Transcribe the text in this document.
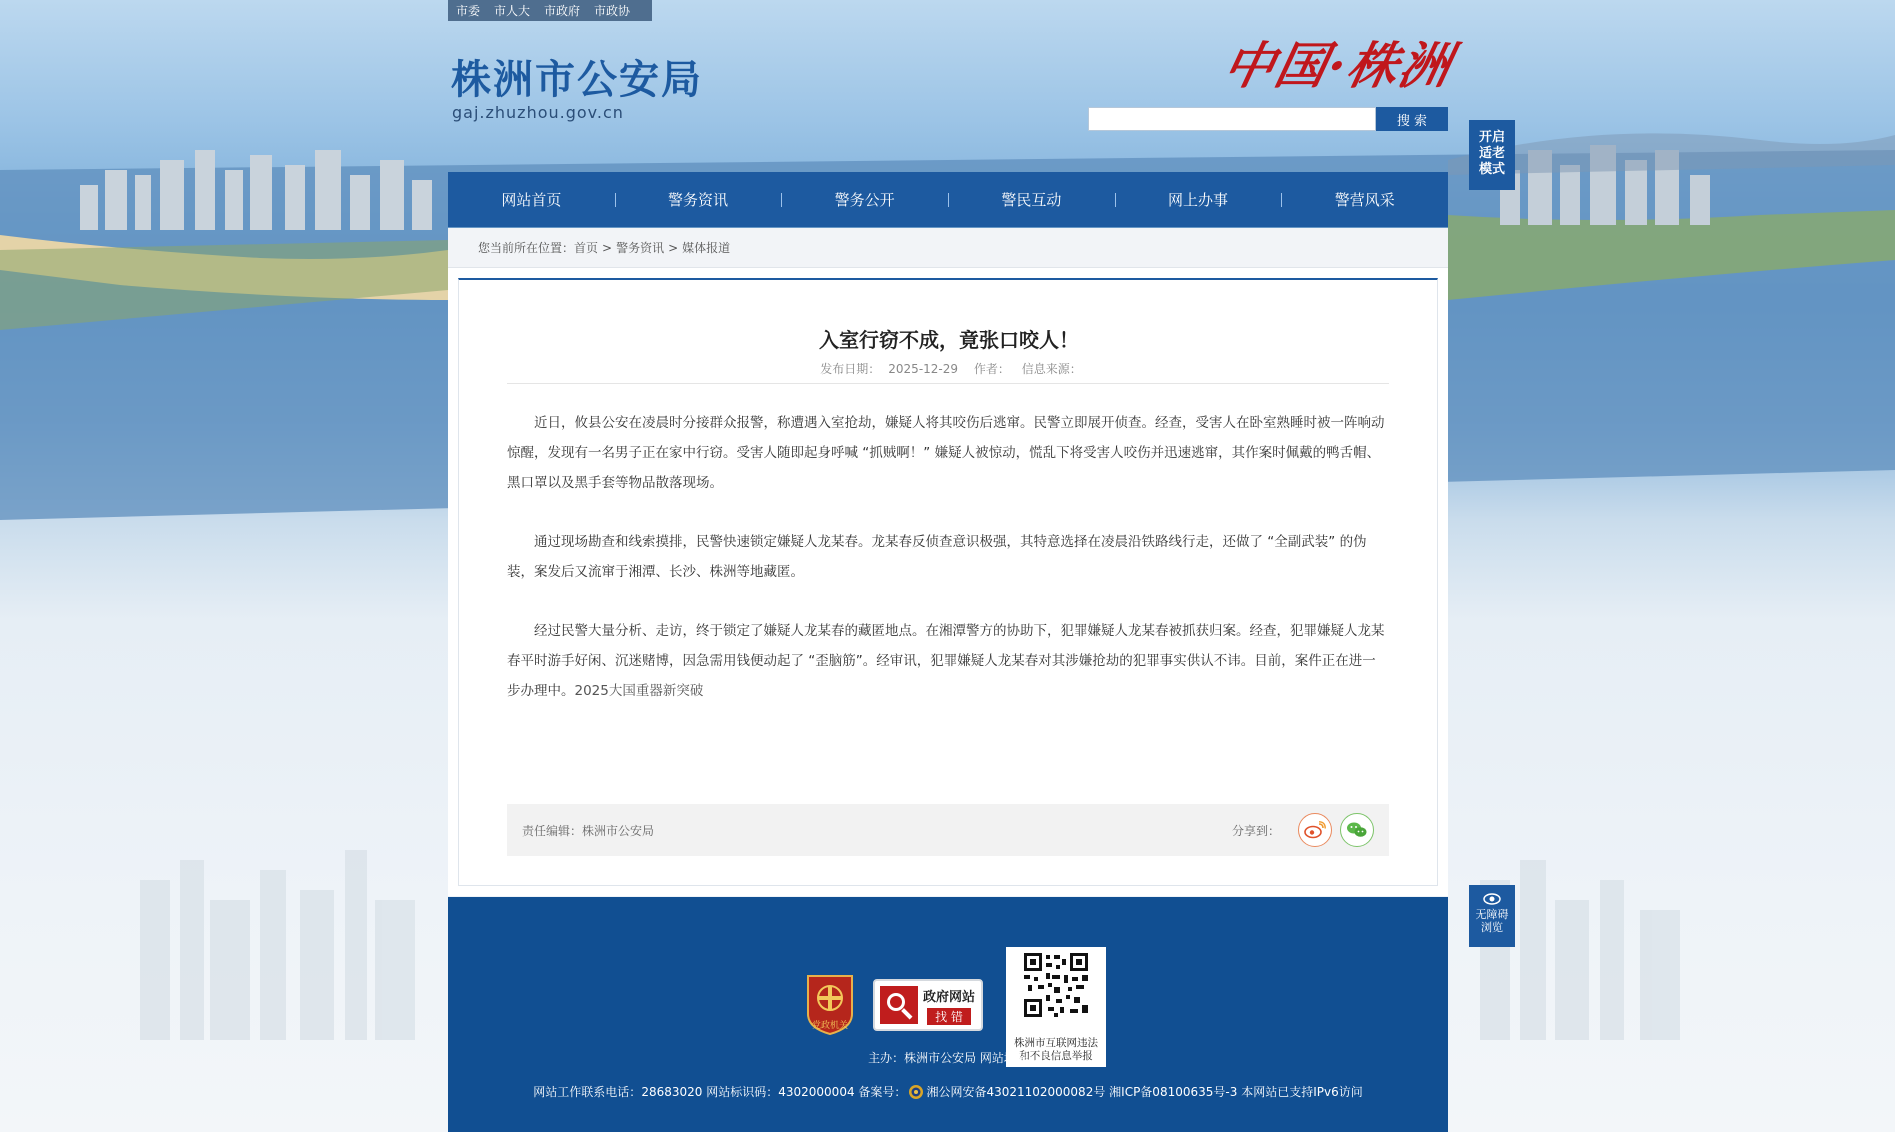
市委 市人大 市政府 市政协
株洲市公安局
gaj.zhuzhou.gov.cn
中国·株洲
搜 索
开启
适老
模式
无障碍
浏览
网站首页	警务资讯	警务公开	警民互动	网上办事	警营风采
您当前所在位置： 首页 > 警务资讯 > 媒体报道
入室行窃不成，竟张口咬人！
发布日期： 2025-12-29 作者： 信息来源：

近日，攸县公安在凌晨时分接群众报警，称遭遇入室抢劫，嫌疑人将其咬伤后逃窜。民警立即展开侦查。经查，受害人在卧室熟睡时被一阵响动惊醒，发现有一名男子正在家中行窃。受害人随即起身呼喊 “抓贼啊！” 嫌疑人被惊动，慌乱下将受害人咬伤并迅速逃窜，其作案时佩戴的鸭舌帽、黑口罩以及黑手套等物品散落现场。

通过现场勘查和线索摸排，民警快速锁定嫌疑人龙某春。龙某春反侦查意识极强，其特意选择在凌晨沿铁路线行走，还做了 “全副武装” 的伪装，案发后又流窜于湘潭、长沙、株洲等地藏匿。

经过民警大量分析、走访，终于锁定了嫌疑人龙某春的藏匿地点。在湘潭警方的协助下，犯罪嫌疑人龙某春被抓获归案。经查，犯罪嫌疑人龙某春平时游手好闲、沉迷赌博，因急需用钱便动起了 “歪脑筋”。经审讯，犯罪嫌疑人龙某春对其涉嫌抢劫的犯罪事实供认不讳。目前，案件正在进一步办理中。2025大国重器新突破

责任编辑：株洲市公安局	分享到：
党政机关
政府网站
找 错
株洲市互联网违法
和不良信息举报
主办：株洲市公安局 网站地图
网站工作联系电话： 28683020
网站标识码： 4302000004
备案号： 湘公网安备43021102000082号
湘ICP备08100635号-3
本网站已支持IPv6访问
